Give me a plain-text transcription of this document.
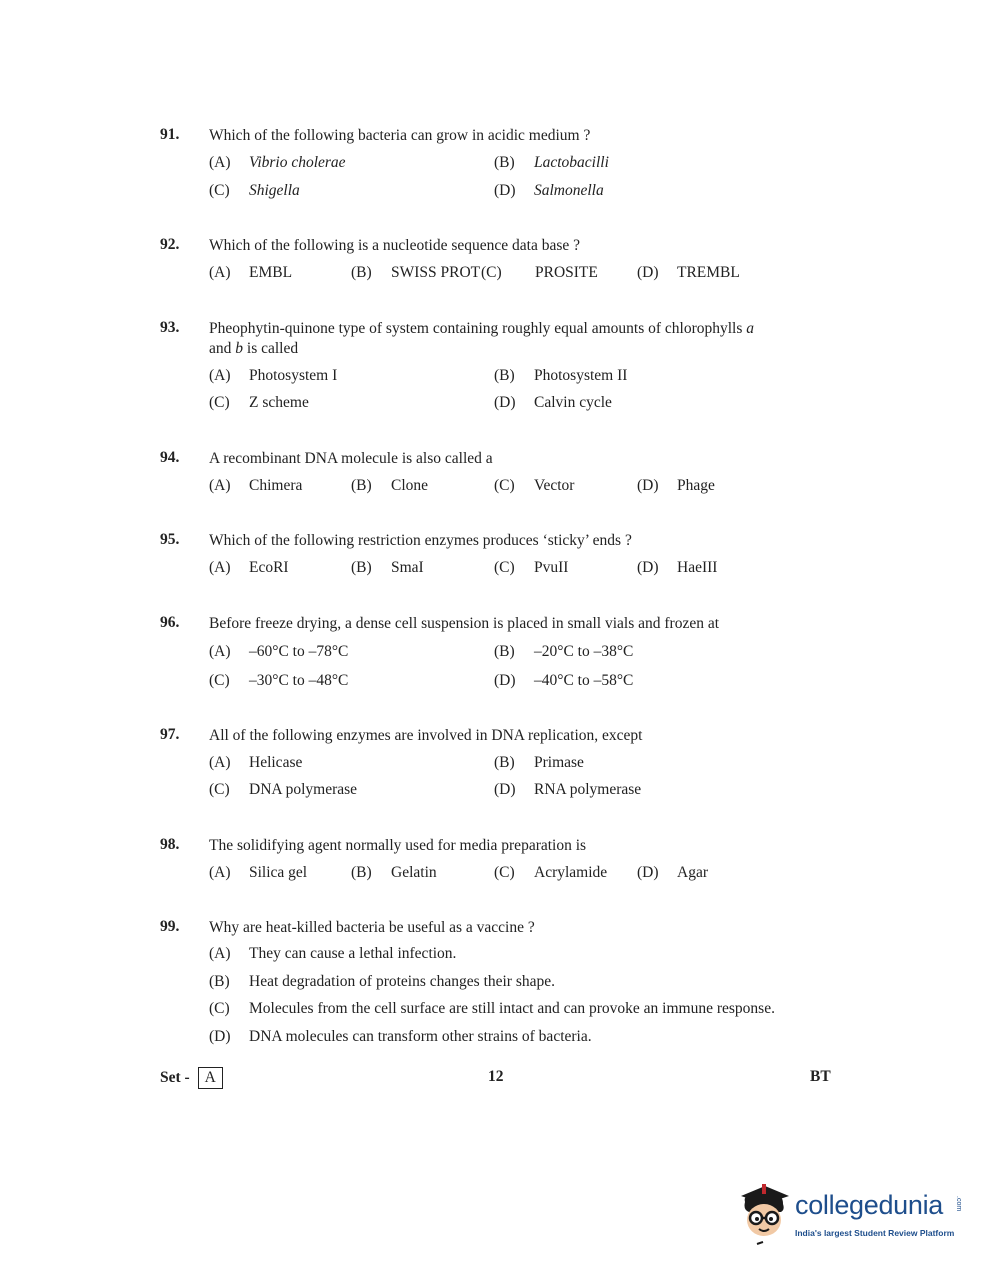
91. Which of the following bacteria can grow in acidic medium ?
(A) Vibrio cholerae	(B) Lactobacilli
(C) Shigella	(D) Salmonella
92. Which of the following is a nucleotide sequence data base ?
(A) EMBL	(B) SWISS PROT (C) PROSITE	(D) TREMBL
93. Pheophytin-quinone type of system containing roughly equal amounts of chlorophylls a
and b is called
(A) Photosystem I	(B) Photosystem II
(C) Z scheme	(D) Calvin cycle
94. A recombinant DNA molecule is also called a
(A) Chimera	(B) Clone	(C) Vector	(D) Phage
95. Which of the following restriction enzymes produces ‘sticky’ ends ?
(A) EcoRI	(B) SmaI	(C) PvuII	(D) HaeIII
96. Before freeze drying, a dense cell suspension is placed in small vials and frozen at
(A) –60°C to –78°C	(B) –20°C to –38°C
(C) –30°C to –48°C	(D) –40°C to –58°C
97. All of the following enzymes are involved in DNA replication, except
(A) Helicase	(B) Primase
(C) DNA polymerase	(D) RNA polymerase
98. The solidifying agent normally used for media preparation is
(A) Silica gel	(B) Gelatin	(C) Acrylamide (D) Agar
99. Why are heat-killed bacteria be useful as a vaccine ?
(A) They can cause a lethal infection.
(B) Heat degradation of proteins changes their shape.
(C) Molecules from the cell surface are still intact and can provoke an immune response.
(D) DNA molecules can transform other strains of bacteria.
Set - A	12	BT
collegedunia .com
India's largest Student Review Platform
